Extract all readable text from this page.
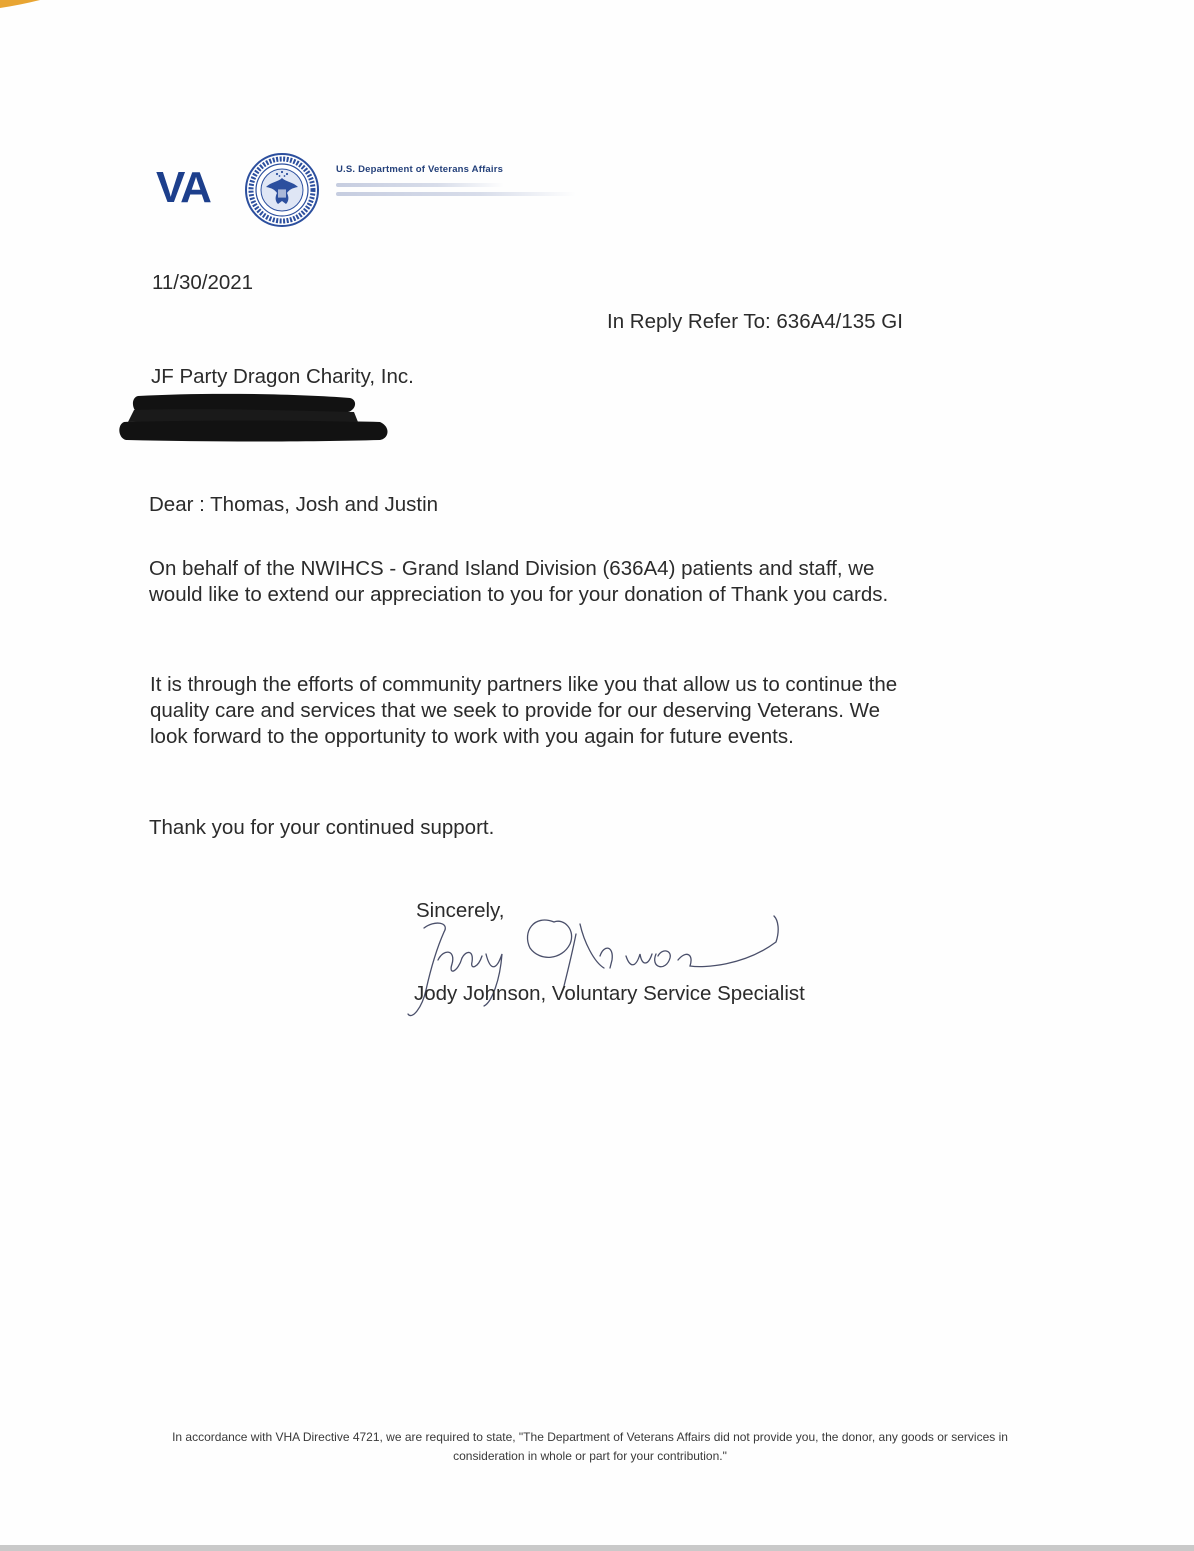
VA	U.S. Department of Veterans Affairs
11/30/2021
In Reply Refer To: 636A4/135 GI
JF Party Dragon Charity, Inc.
Dear : Thomas, Josh and Justin
On behalf of the NWIHCS - Grand Island Division (636A4) patients and staff, we
would like to extend our appreciation to you for your donation of Thank you cards.
It is through the efforts of community partners like you that allow us to continue the
quality care and services that we seek to provide for our deserving Veterans. We
look forward to the opportunity to work with you again for future events.
Thank you for your continued support.
Sincerely,
Jody Johnson, Voluntary Service Specialist
In accordance with VHA Directive 4721, we are required to state, "The Department of Veterans Affairs did not provide you, the donor, any goods or services in consideration in whole or part for your contribution."
